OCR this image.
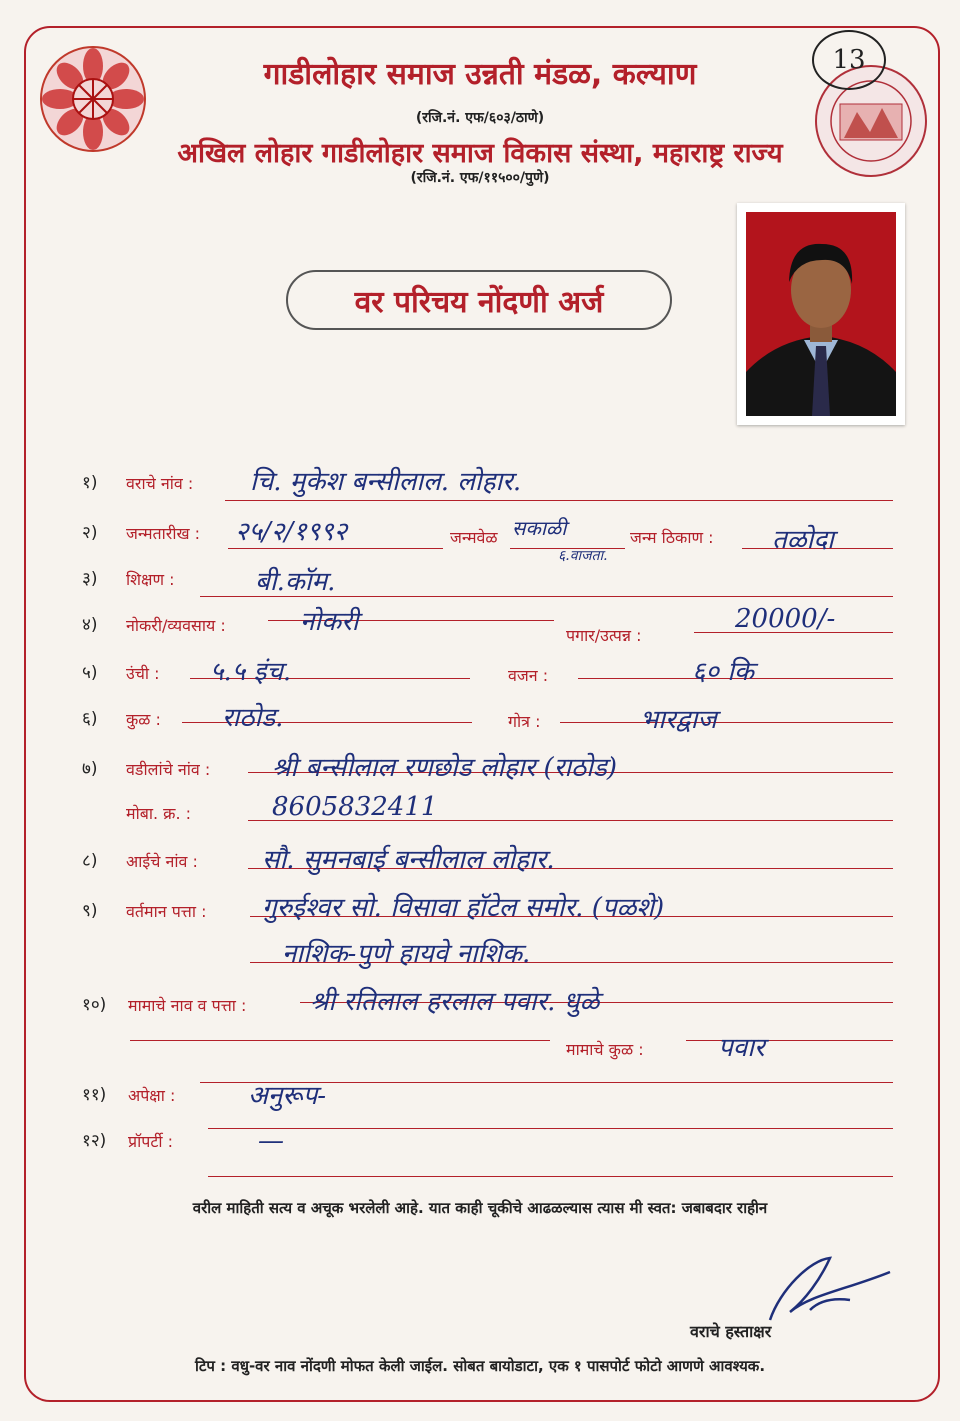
13
गाडीलोहार समाज उन्नती मंडळ, कल्याण
(रजि.नं. एफ/६०३/ठाणे)
अखिल लोहार गाडीलोहार समाज विकास संस्था, महाराष्ट्र राज्य
(रजि.नं. एफ/११५००/पुणे)
वर परिचय नोंदणी अर्ज
१) वराचे नांव : चि. मुकेश बन्सीलाल. लोहार.
२) जन्मतारीख : २५/२/१९९२	जन्मवेळ सकाळी
६.वाजता.
जन्म ठिकाण : तळोदा
३) शिक्षण :	बी.कॉम.
४) नोकरी/व्यवसाय :	नोकरी	पगार/उत्पन्न :
20000/-
५) उंची : ५.५ इंच.	वजन :	६० कि
६) कुळ : राठोड.	गोत्र :	भारद्वाज
७) वडीलांचे नांव : श्री बन्सीलाल रणछोड लोहार (राठोड)
मोबा. क्र. :	8605832411
८) आईचे नांव : सौ. सुमनबाई बन्सीलाल लोहार.
९) वर्तमान पत्ता : गुरुईश्वर सो. विसावा हॉटेल समोर. (पळशे)
नाशिक-पुणे हायवे नाशिक.
१०) मामाचे नाव व पत्ता : श्री रतिलाल हरलाल पवार. धुळे
मामाचे कुळ :	पवार
११) अपेक्षा :	अनुरूप-
१२) प्रॉपर्टी :	—
वरील माहिती सत्य व अचूक भरलेली आहे. यात काही चूकीचे आढळल्यास त्यास मी स्वत: जबाबदार राहीन
वराचे हस्ताक्षर
टिप : वधु-वर नाव नोंदणी मोफत केली जाईल. सोबत बायोडाटा, एक १ पासपोर्ट फोटो आणणे आवश्यक.
